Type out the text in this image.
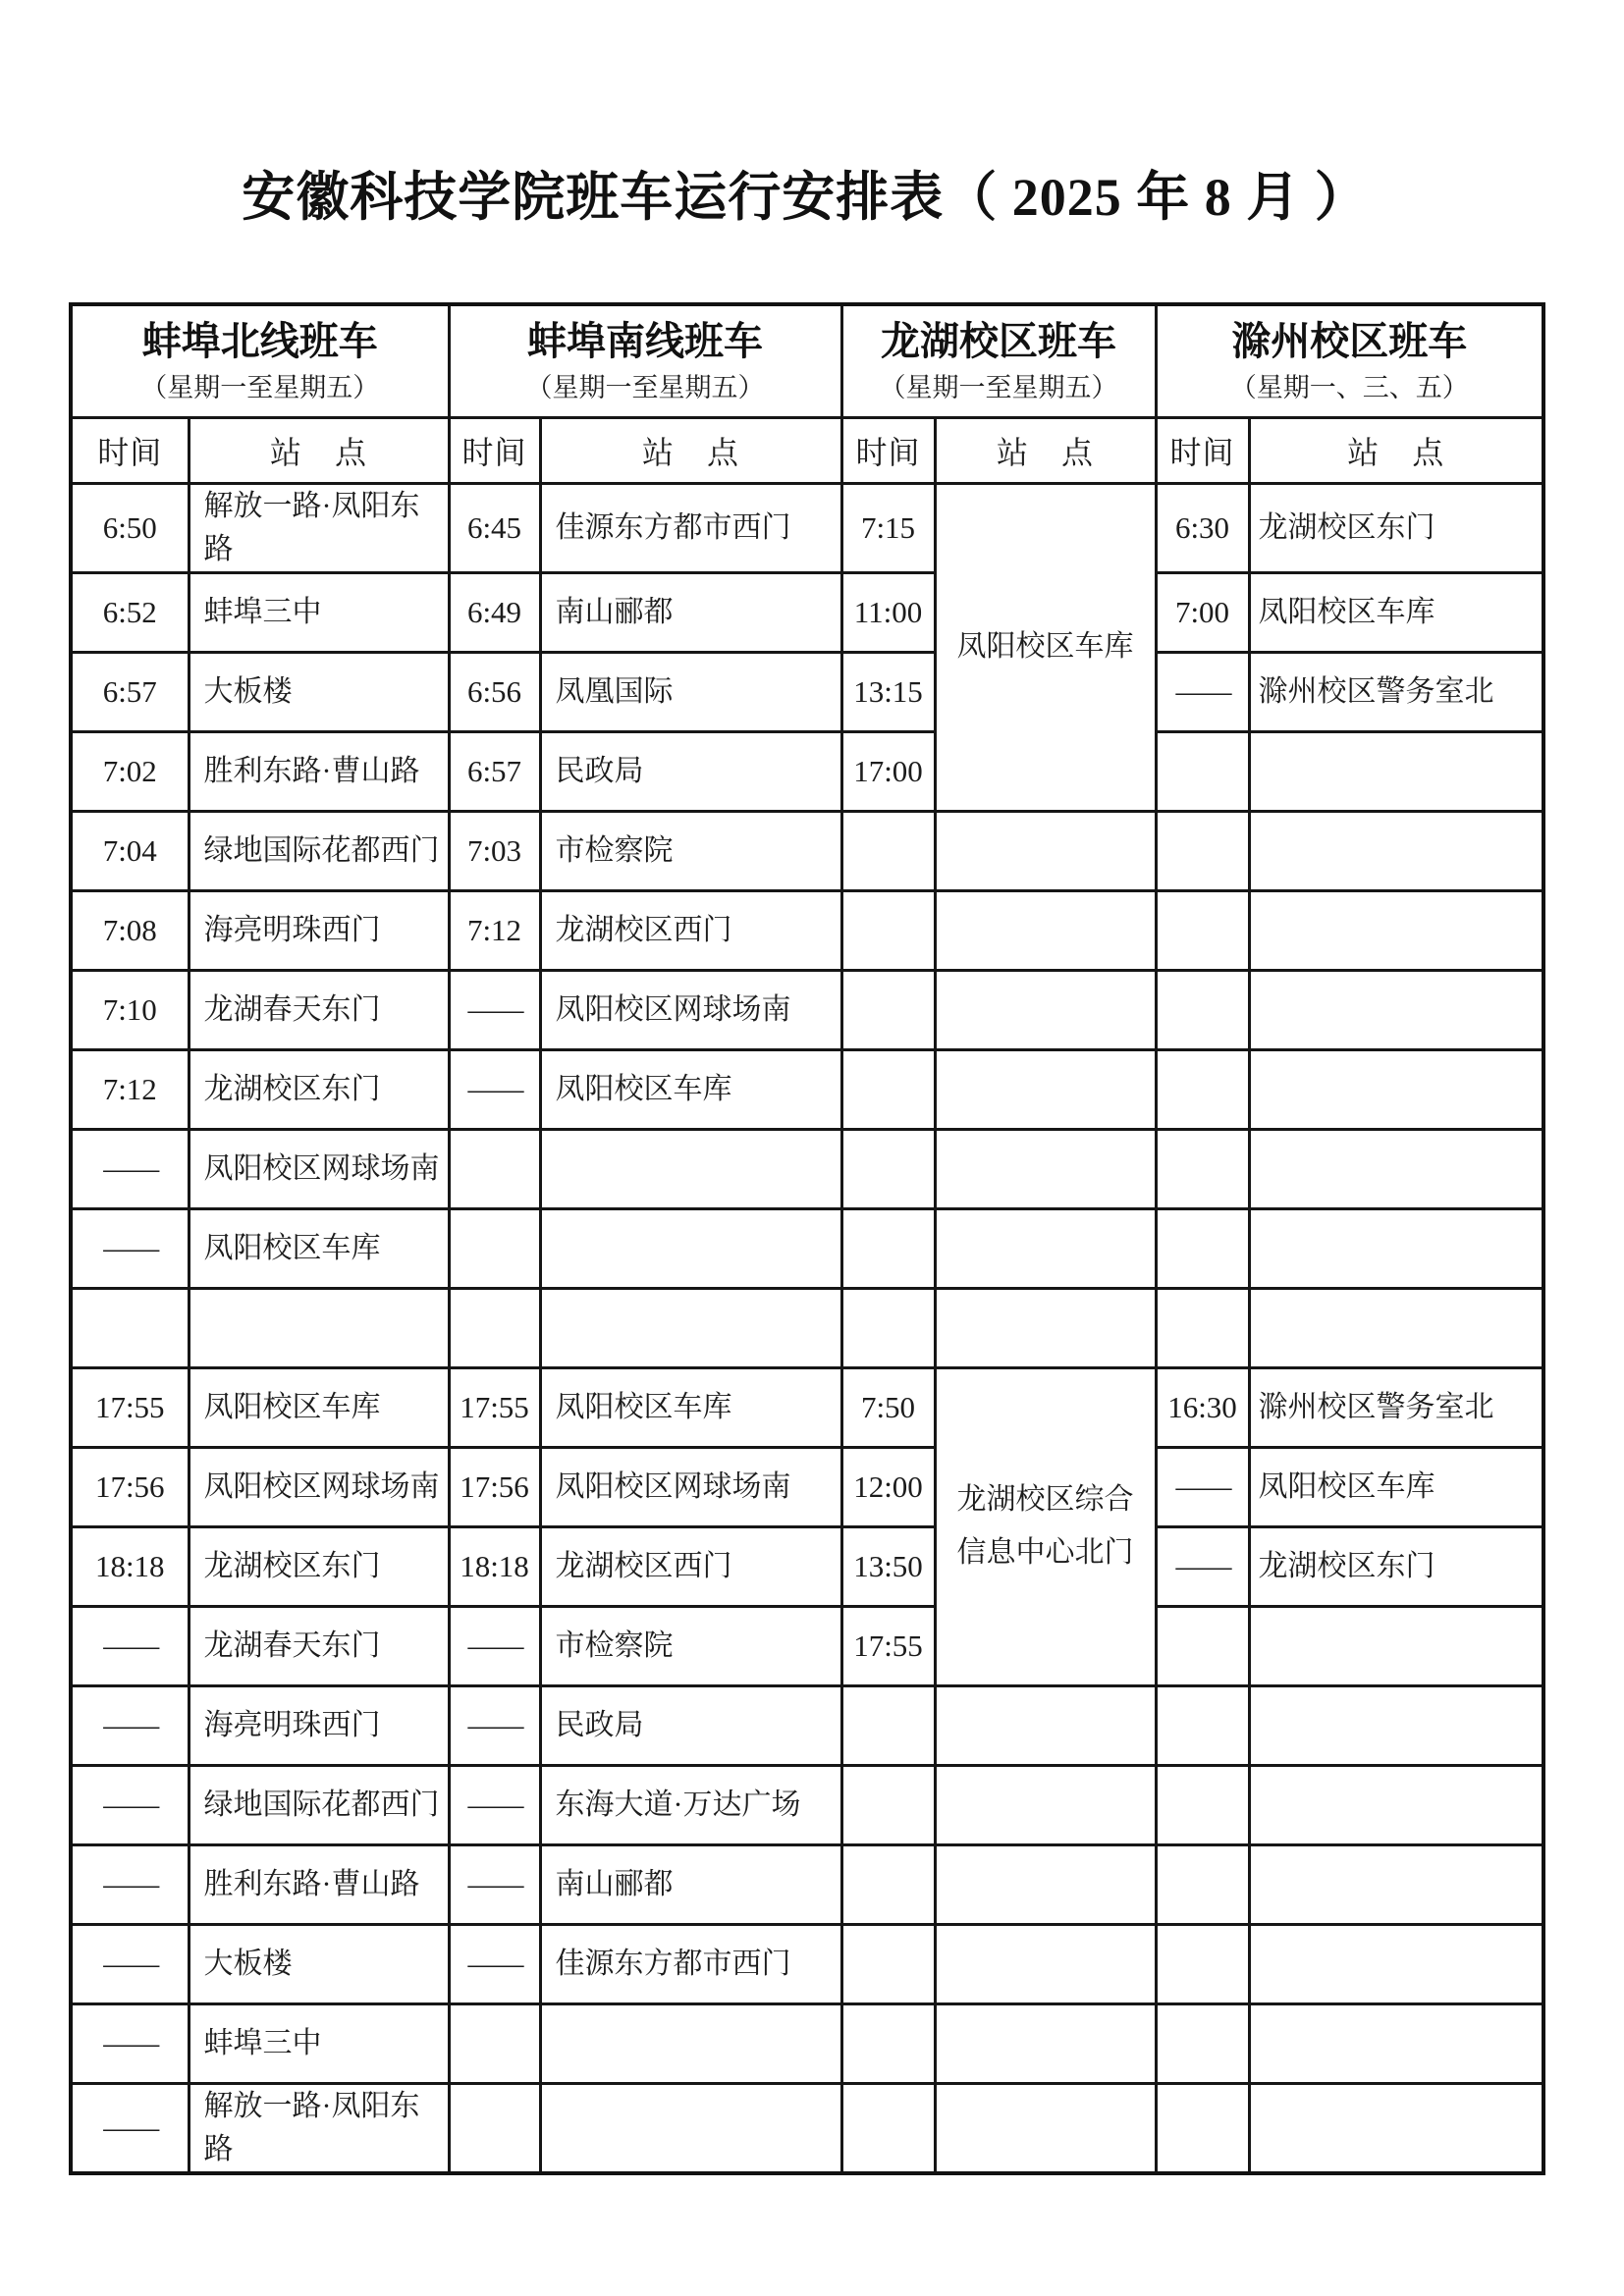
安徽科技学院班车运行安排表（ 2025 年 8 月 ）
蚌埠北线班车
（星期一至星期五）

蚌埠南线班车
（星期一至星期五）

龙湖校区班车
（星期一至星期五）

滁州校区班车
（星期一、三、五）

时间	站　点	时间	站　点	时间	站　点	时间	站　点
6:50	解放一路·凤阳东路	6:45	佳源东方都市西门	7:15	凤阳校区车库	6:30	龙湖校区东门
6:52	蚌埠三中	6:49	南山郦都	11:00		7:00	凤阳校区车库
6:57	大板楼	6:56	凤凰国际	13:15		——	滁州校区警务室北
7:02	胜利东路·曹山路	6:57	民政局	17:00			
7:04	绿地国际花都西门	7:03	市检察院				
7:08	海亮明珠西门	7:12	龙湖校区西门				
7:10	龙湖春天东门	——	凤阳校区网球场南				
7:12	龙湖校区东门	——	凤阳校区车库				
——	凤阳校区网球场南						
——	凤阳校区车库						

17:55	凤阳校区车库	17:55	凤阳校区车库	7:50	龙湖校区综合信息中心北门	16:30	滁州校区警务室北
17:56	凤阳校区网球场南	17:56	凤阳校区网球场南	12:00		——	凤阳校区车库
18:18	龙湖校区东门	18:18	龙湖校区西门	13:50		——	龙湖校区东门
——	龙湖春天东门	——	市检察院	17:55			
——	海亮明珠西门	——	民政局				
——	绿地国际花都西门	——	东海大道·万达广场				
——	胜利东路·曹山路	——	南山郦都				
——	大板楼	——	佳源东方都市西门				
——	蚌埠三中						
——	解放一路·凤阳东路						
